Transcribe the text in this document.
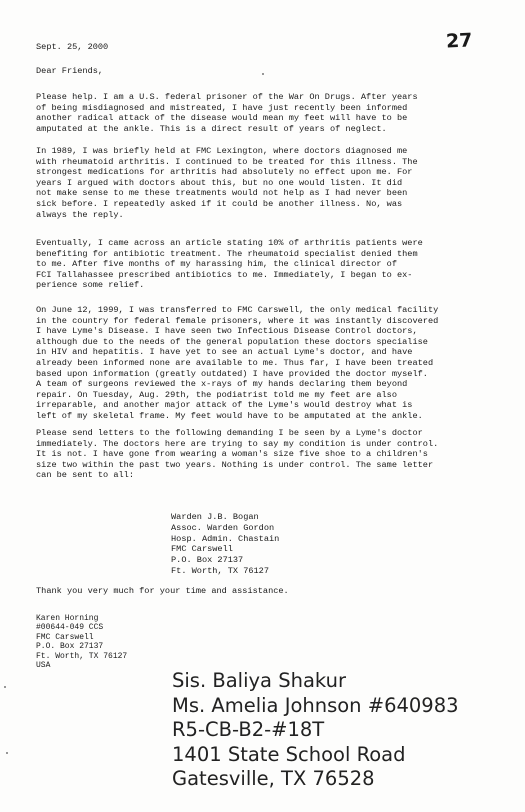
Sept. 25, 2000	27
Dear Friends,

Please help. I am a U.S. federal prisoner of the War On Drugs. After years
of being misdiagnosed and mistreated, I have just recently been informed
another radical attack of the disease would mean my feet will have to be
amputated at the ankle. This is a direct result of years of neglect.

In 1989, I was briefly held at FMC Lexington, where doctors diagnosed me
with rheumatoid arthritis. I continued to be treated for this illness. The
strongest medications for arthritis had absolutely no effect upon me. For
years I argued with doctors about this, but no one would listen. It did
not make sense to me these treatments would not help as I had never been
sick before. I repeatedly asked if it could be another illness. No, was
always the reply.

Eventually, I came across an article stating 10% of arthritis patients were
benefiting for antibiotic treatment. The rheumatoid specialist denied them
to me. After five months of my harassing him, the clinical director of
FCI Tallahassee prescribed antibiotics to me. Immediately, I began to ex-
perience some relief.

On June 12, 1999, I was transferred to FMC Carswell, the only medical facility
in the country for federal female prisoners, where it was instantly discovered
I have Lyme's Disease. I have seen two Infectious Disease Control doctors,
although due to the needs of the general population these doctors specialise
in HIV and hepatitis. I have yet to see an actual Lyme's doctor, and have
already been informed none are available to me. Thus far, I have been treated
based upon information (greatly outdated) I have provided the doctor myself.
A team of surgeons reviewed the x-rays of my hands declaring them beyond
repair. On Tuesday, Aug. 29th, the podiatrist told me my feet are also
irreparable, and another major attack of the Lyme's would destroy what is
left of my skeletal frame. My feet would have to be amputated at the ankle.

Please send letters to the following demanding I be seen by a Lyme's doctor
immediately. The doctors here are trying to say my condition is under control.
It is not. I have gone from wearing a woman's size five shoe to a children's
size two within the past two years. Nothing is under control. The same letter
can be sent to all:

Warden J.B. Bogan
Assoc. Warden Gordon
Hosp. Admin. Chastain
FMC Carswell
P.O. Box 27137
Ft. Worth, TX 76127
Thank you very much for your time and assistance.
Karen Horning
#00644-049 CCS
FMC Carswell
P.O. Box 27137
Ft. Worth, TX 76127
USA
Sis. Baliya Shakur
Ms. Amelia Johnson #640983
R5-CB-B2-#18T
1401 State School Road
Gatesville, TX 76528
